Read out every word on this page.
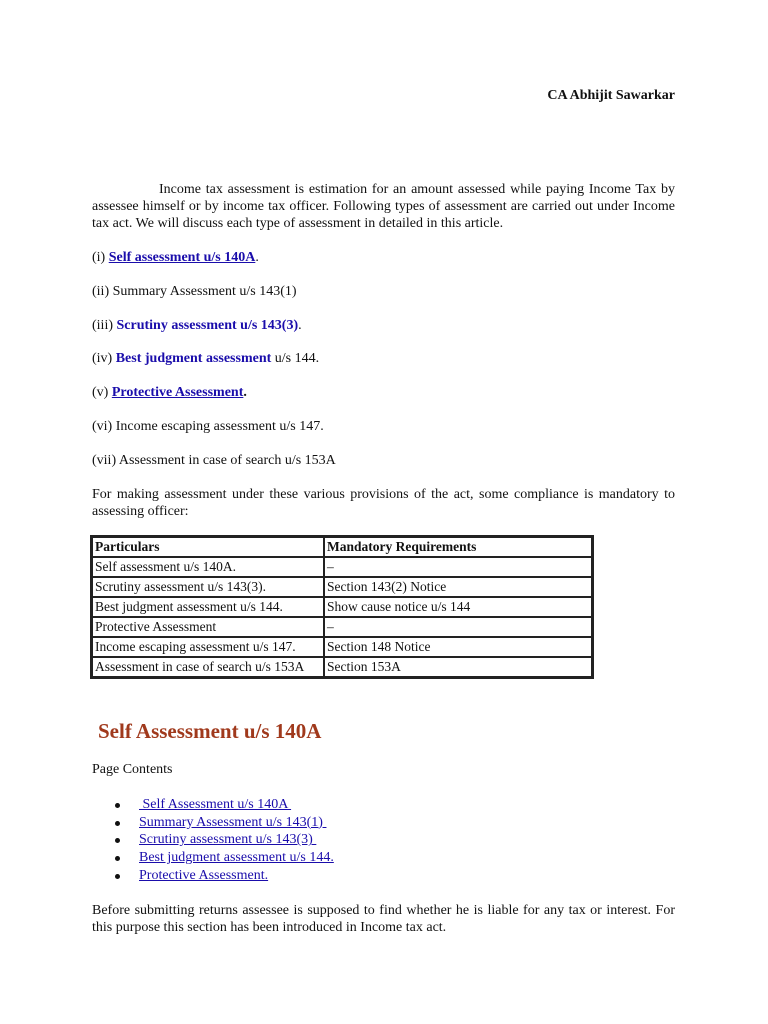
CA Abhijit Sawarkar

Income tax assessment is estimation for an amount assessed while paying Income Tax by assessee himself or by income tax officer. Following types of assessment are carried out under Income tax act. We will discuss each type of assessment in detailed in this article.

(i) Self assessment u/s 140A.
(ii) Summary Assessment u/s 143(1)
(iii) Scrutiny assessment u/s 143(3).
(iv) Best judgment assessment u/s 144.
(v) Protective Assessment.
(vi) Income escaping assessment u/s 147.
(vii) Assessment in case of search u/s 153A

For making assessment under these various provisions of the act, some compliance is mandatory to assessing officer:

Particulars	Mandatory Requirements
Self assessment u/s 140A.	–
Scrutiny assessment u/s 143(3).	Section 143(2) Notice
Best judgment assessment u/s 144.	Show cause notice u/s 144
Protective Assessment	–
Income escaping assessment u/s 147.	Section 148 Notice
Assessment in case of search u/s 153A	Section 153A
Self Assessment u/s 140A
Page Contents
Self Assessment u/s 140A
Summary Assessment u/s 143(1)
Scrutiny assessment u/s 143(3)
Best judgment assessment u/s 144.
Protective Assessment.

Before submitting returns assessee is supposed to find whether he is liable for any tax or interest. For this purpose this section has been introduced in Income tax act.
